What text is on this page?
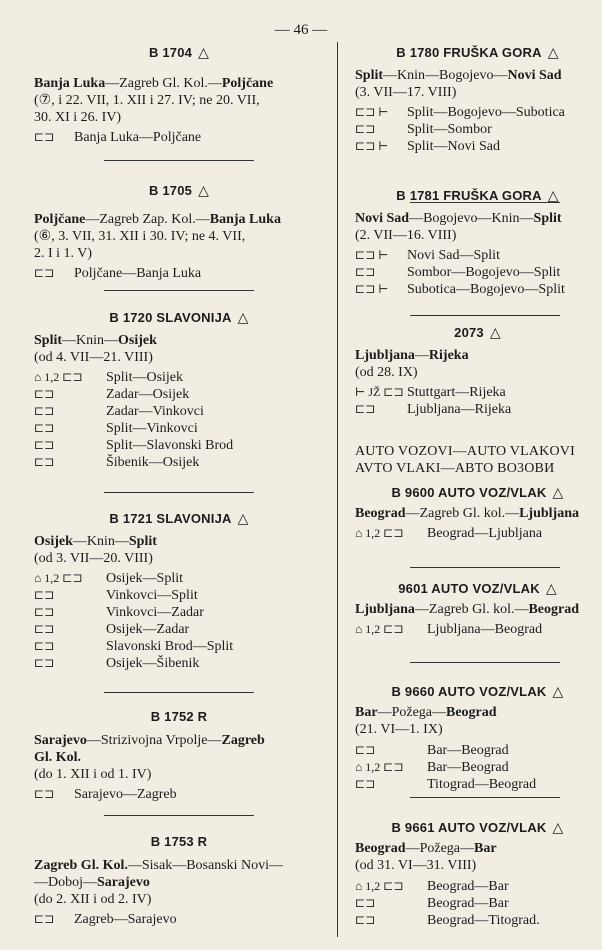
— 46 —
B 1704 △
Banja Luka—Zagreb Gl. Kol.—Poljčane
(⑦, i 22. VII, 1. XII i 27. IV; ne 20. VII,
30. XI i 26. IV)
⊏⊐	Banja Luka—Poljčane
B 1705 △
Poljčane—Zagreb Zap. Kol.—Banja Luka
(⑥, 3. VII, 31. XII i 30. IV; ne 4. VII,
2. I i 1. V)
⊏⊐	Poljčane—Banja Luka
B 1720 SLAVONIJA △
Split—Knin—Osijek
(od 4. VII—21. VIII)
⌂ 1,2 ⊏⊐	Split—Osijek
⊏⊐	Zadar—Osijek
⊏⊐	Zadar—Vinkovci
⊏⊐	Split—Vinkovci
⊏⊐	Split—Slavonski Brod
⊏⊐	Šibenik—Osijek
B 1721 SLAVONIJA △
Osijek—Knin—Split
(od 3. VII—20. VIII)
⌂ 1,2 ⊏⊐	Osijek—Split
⊏⊐	Vinkovci—Split
⊏⊐	Vinkovci—Zadar
⊏⊐	Osijek—Zadar
⊏⊐	Slavonski Brod—Split
⊏⊐	Osijek—Šibenik
B 1752 R
Sarajevo—Strizivojna Vrpolje—Zagreb
Gl. Kol.
(do 1. XII i od 1. IV)
⊏⊐	Sarajevo—Zagreb
B 1753 R
Zagreb Gl. Kol.—Sisak—Bosanski Novi—
—Doboj—Sarajevo
(do 2. XII i od 2. IV)
⊏⊐	Zagreb—Sarajevo
B 1780 FRUŠKA GORA △
Split—Knin—Bogojevo—Novi Sad
(3. VII—17. VIII)
⊏⊐ ⊢	Split—Bogojevo—Subotica
⊏⊐	Split—Sombor
⊏⊐ ⊢	Split—Novi Sad
B 1781 FRUŠKA GORA △
Novi Sad—Bogojevo—Knin—Split
(2. VII—16. VIII)
⊏⊐ ⊢	Novi Sad—Split
⊏⊐	Sombor—Bogojevo—Split
⊏⊐ ⊢	Subotica—Bogojevo—Split
2073 △
Ljubljana—Rijeka
(od 28. IX)
⊢ JŽ ⊏⊐ Stuttgart—Rijeka
⊏⊐	Ljubljana—Rijeka
AUTO VOZOVI—AUTO VLAKOVI
AVTO VLAKI—ABTO BO3OBИ
B 9600 AUTO VOZ/VLAK △
Beograd—Zagreb Gl. kol.—Ljubljana
⌂ 1,2 ⊏⊐	Beograd—Ljubljana
9601 AUTO VOZ/VLAK △
Ljubljana—Zagreb Gl. kol.—Beograd
⌂ 1,2 ⊏⊐	Ljubljana—Beograd
B 9660 AUTO VOZ/VLAK △
Bar—Požega—Beograd
(21. VI—1. IX)
⊏⊐	Bar—Beograd
⌂ 1,2 ⊏⊐	Bar—Beograd
⊏⊐	Titograd—Beograd
B 9661 AUTO VOZ/VLAK △
Beograd—Požega—Bar
(od 31. VI—31. VIII)
⌂ 1,2 ⊏⊐	Beograd—Bar
⊏⊐	Beograd—Bar
⊏⊐	Beograd—Titograd.
